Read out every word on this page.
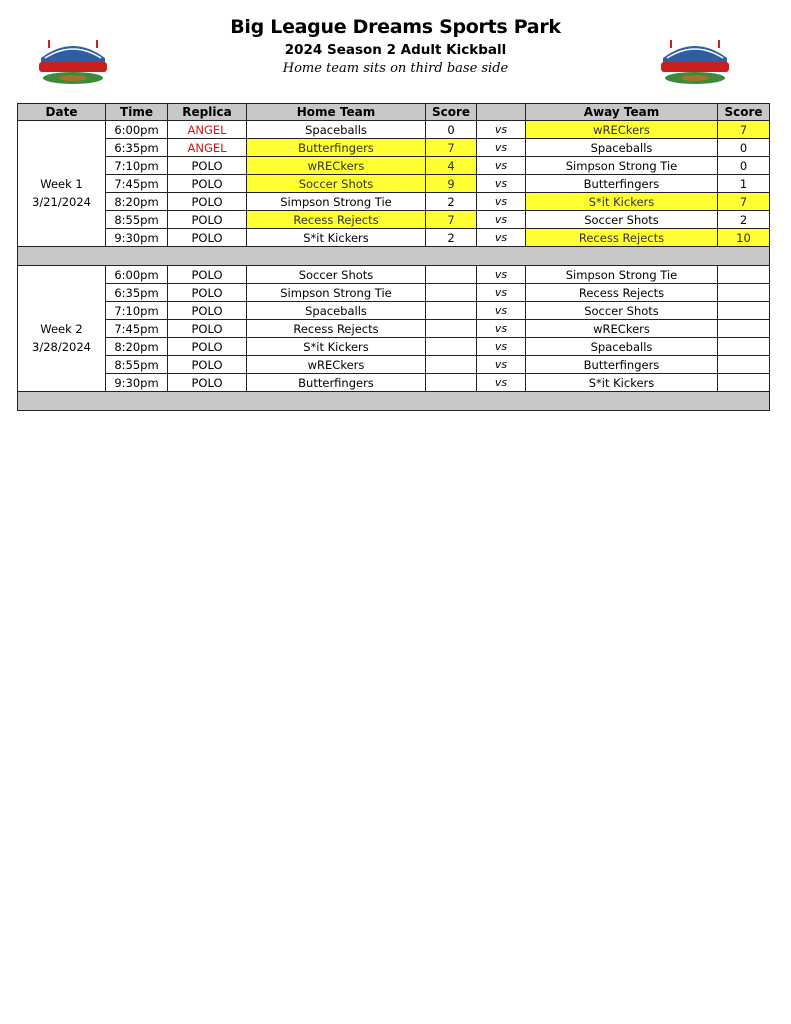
Big League Dreams Sports Park
2024 Season 2 Adult Kickball
Home team sits on third base side
Date	Time	Replica	Home Team	Score		Away Team	Score
	6:00pm	ANGEL	Spaceballs	0	vs	wRECkers	7
	6:35pm	ANGEL	Butterfingers	7	vs	Spaceballs	0
	7:10pm	POLO	wRECkers	4	vs	Simpson Strong Tie	0
Week 1	7:45pm	POLO	Soccer Shots	9	vs	Butterfingers	1
3/21/2024	8:20pm	POLO	Simpson Strong Tie	2	vs	S*it Kickers	7
	8:55pm	POLO	Recess Rejects	7	vs	Soccer Shots	2
	9:30pm	POLO	S*it Kickers	2	vs	Recess Rejects	10

	6:00pm	POLO	Soccer Shots		vs	Simpson Strong Tie	
	6:35pm	POLO	Simpson Strong Tie		vs	Recess Rejects	
	7:10pm	POLO	Spaceballs		vs	Soccer Shots	
Week 2	7:45pm	POLO	Recess Rejects		vs	wRECkers	
3/28/2024	8:20pm	POLO	S*it Kickers		vs	Spaceballs	
	8:55pm	POLO	wRECkers		vs	Butterfingers	
	9:30pm	POLO	Butterfingers		vs	S*it Kickers	
